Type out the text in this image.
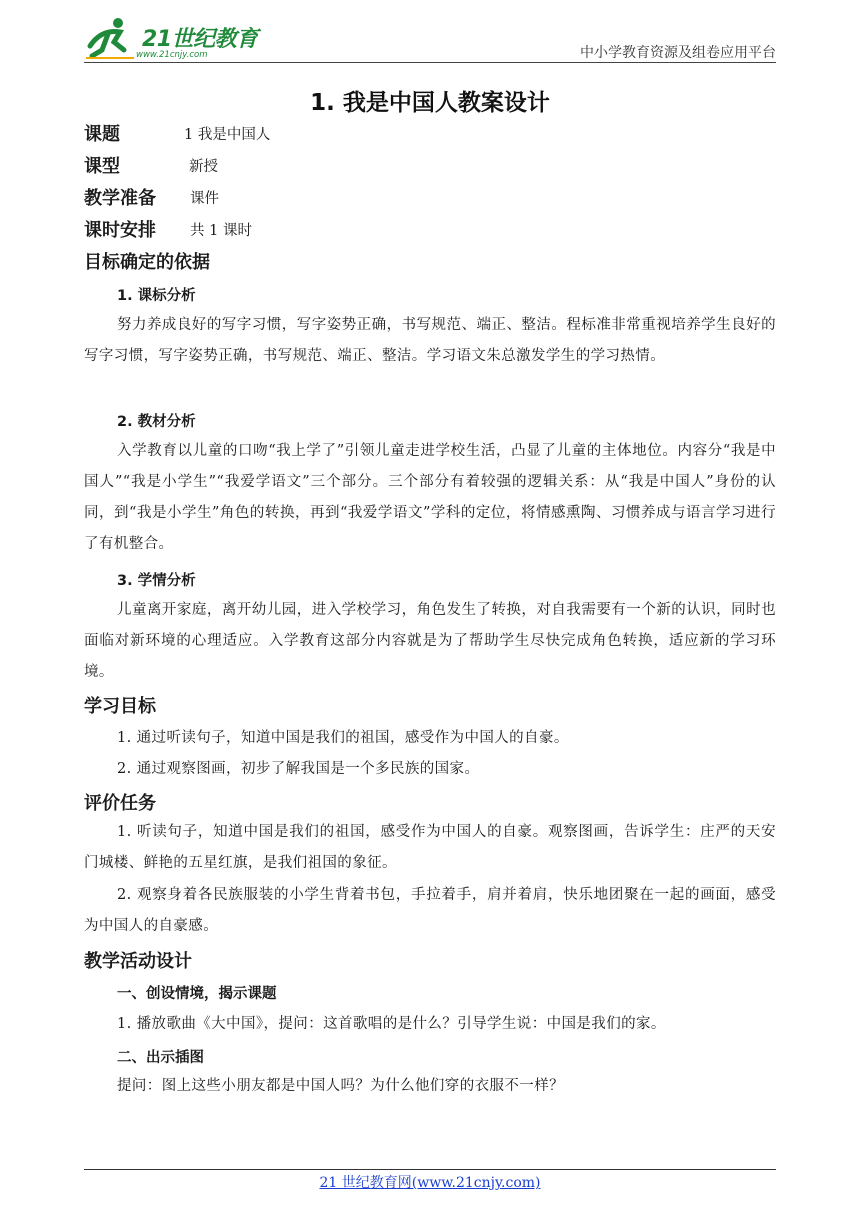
21世纪教育
www.21cnjy.com	中小学教育资源及组卷应用平台
1. 我是中国人教案设计
课题	1 我是中国人
课型	新授
教学准备 课件
课时安排 共 1 课时
目标确定的依据
1. 课标分析
努力养成良好的写字习惯，写字姿势正确，书写规范、端正、整洁。程标准非常重视培养学生良好的写字习惯，写字姿势正确，书写规范、端正、整洁。学习语文朱总激发学生的学习热情。
2. 教材分析
入学教育以儿童的口吻“我上学了”引领儿童走进学校生活，凸显了儿童的主体地位。内容分“我是中国人”“我是小学生”“我爱学语文”三个部分。三个部分有着较强的逻辑关系：从“我是中国人”身份的认同，到“我是小学生”角色的转换，再到“我爱学语文”学科的定位，将情感熏陶、习惯养成与语言学习进行了有机整合。
3. 学情分析
儿童离开家庭，离开幼儿园，进入学校学习，角色发生了转换，对自我需要有一个新的认识，同时也面临对新环境的心理适应。入学教育这部分内容就是为了帮助学生尽快完成角色转换，适应新的学习环境。
学习目标
1. 通过听读句子，知道中国是我们的祖国，感受作为中国人的自豪。
2. 通过观察图画，初步了解我国是一个多民族的国家。
评价任务
1. 听读句子，知道中国是我们的祖国，感受作为中国人的自豪。观察图画，告诉学生：庄严的天安门城楼、鲜艳的五星红旗，是我们祖国的象征。
2. 观察身着各民族服装的小学生背着书包，手拉着手，肩并着肩，快乐地团聚在一起的画面，感受为中国人的自豪感。
教学活动设计
一、创设情境，揭示课题
1. 播放歌曲《大中国》，提问：这首歌唱的是什么？引导学生说：中国是我们的家。
二、出示插图
提问：图上这些小朋友都是中国人吗？为什么他们穿的衣服不一样？
21 世纪教育网(www.21cnjy.com)
